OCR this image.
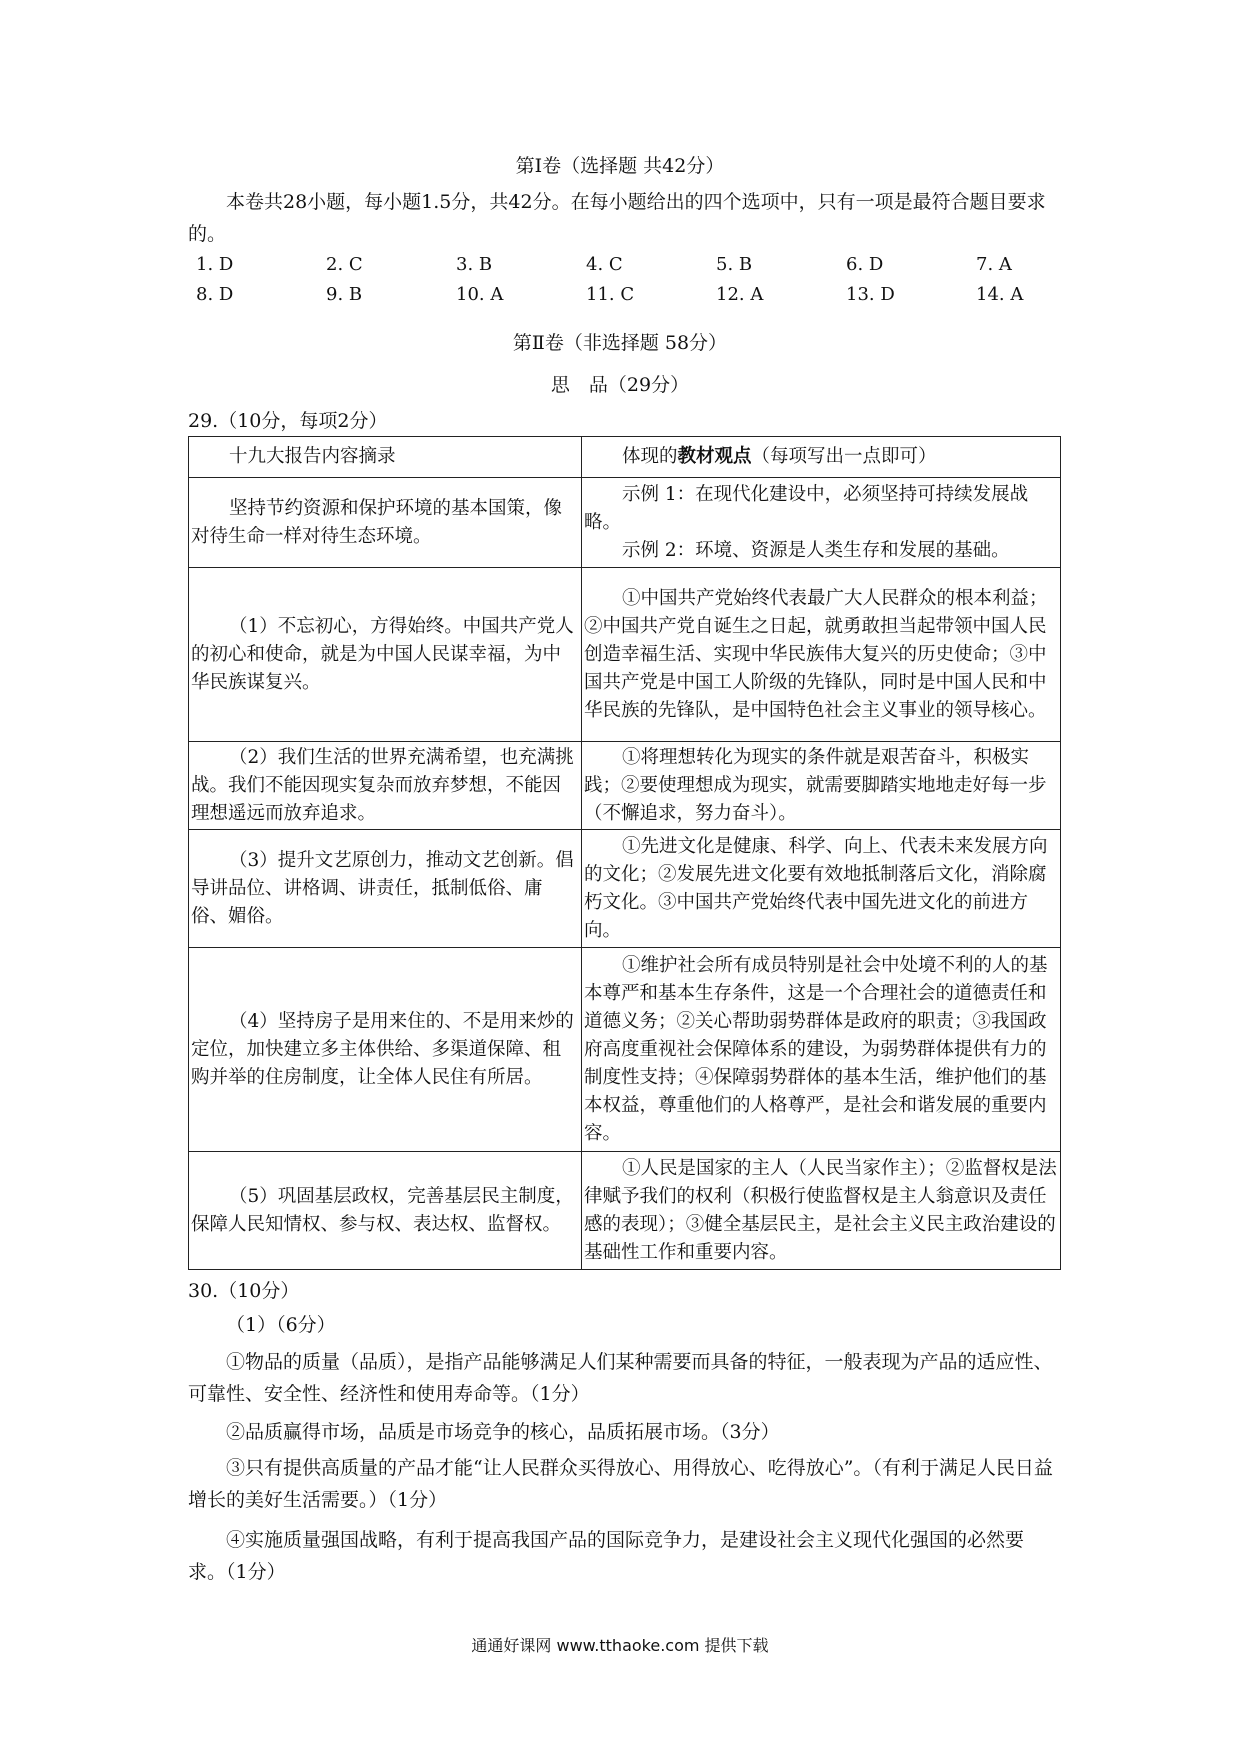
第Ⅰ卷（选择题 共42分）
本卷共28小题，每小题1.5分，共42分。在每小题给出的四个选项中，只有一项是最符合题目要求的。
1. D	2. C	3. B	4. C	5. B	6. D	7. A
8. D	9. B	10. A	11. C	12. A	13. D	14. A
第Ⅱ卷（非选择题 58分）
思　品（29分）
29.（10分，每项2分）
十九大报告内容摘录	体现的教材观点（每项写出一点即可）

坚持节约资源和保护环境的基本国策，像对待生命一样对待生态环境。	示例 1：在现代化建设中，必须坚持可持续发展战略。

示例 2：环境、资源是人类生存和发展的基础。

（1）不忘初心，方得始终。中国共产党人的初心和使命，就是为中国人民谋幸福，为中华民族谋复兴。	①中国共产党始终代表最广大人民群众的根本利益；②中国共产党自诞生之日起，就勇敢担当起带领中国人民创造幸福生活、实现中华民族伟大复兴的历史使命；③中国共产党是中国工人阶级的先锋队，同时是中国人民和中华民族的先锋队，是中国特色社会主义事业的领导核心。

（2）我们生活的世界充满希望，也充满挑战。我们不能因现实复杂而放弃梦想，不能因理想遥远而放弃追求。	①将理想转化为现实的条件就是艰苦奋斗，积极实践；②要使理想成为现实，就需要脚踏实地地走好每一步（不懈追求，努力奋斗）。

（3）提升文艺原创力，推动文艺创新。倡导讲品位、讲格调、讲责任，抵制低俗、庸俗、媚俗。	①先进文化是健康、科学、向上、代表未来发展方向的文化；②发展先进文化要有效地抵制落后文化，消除腐朽文化。③中国共产党始终代表中国先进文化的前进方向。

（4）坚持房子是用来住的、不是用来炒的定位，加快建立多主体供给、多渠道保障、租购并举的住房制度，让全体人民住有所居。	①维护社会所有成员特别是社会中处境不利的人的基本尊严和基本生存条件，这是一个合理社会的道德责任和道德义务；②关心帮助弱势群体是政府的职责；③我国政府高度重视社会保障体系的建设，为弱势群体提供有力的制度性支持；④保障弱势群体的基本生活，维护他们的基本权益，尊重他们的人格尊严，是社会和谐发展的重要内容。

（5）巩固基层政权，完善基层民主制度，保障人民知情权、参与权、表达权、监督权。	①人民是国家的主人（人民当家作主）；②监督权是法律赋予我们的权利（积极行使监督权是主人翁意识及责任感的表现）；③健全基层民主，是社会主义民主政治建设的基础性工作和重要内容。

30.（10分）
（1）（6分）
①物品的质量（品质），是指产品能够满足人们某种需要而具备的特征，一般表现为产品的适应性、可靠性、安全性、经济性和使用寿命等。（1分）
②品质赢得市场，品质是市场竞争的核心，品质拓展市场。（3分）
③只有提供高质量的产品才能“让人民群众买得放心、用得放心、吃得放心”。（有利于满足人民日益增长的美好生活需要。）（1分）
④实施质量强国战略，有利于提高我国产品的国际竞争力，是建设社会主义现代化强国的必然要求。（1分）
通通好课网 www.tthaoke.com 提供下载
